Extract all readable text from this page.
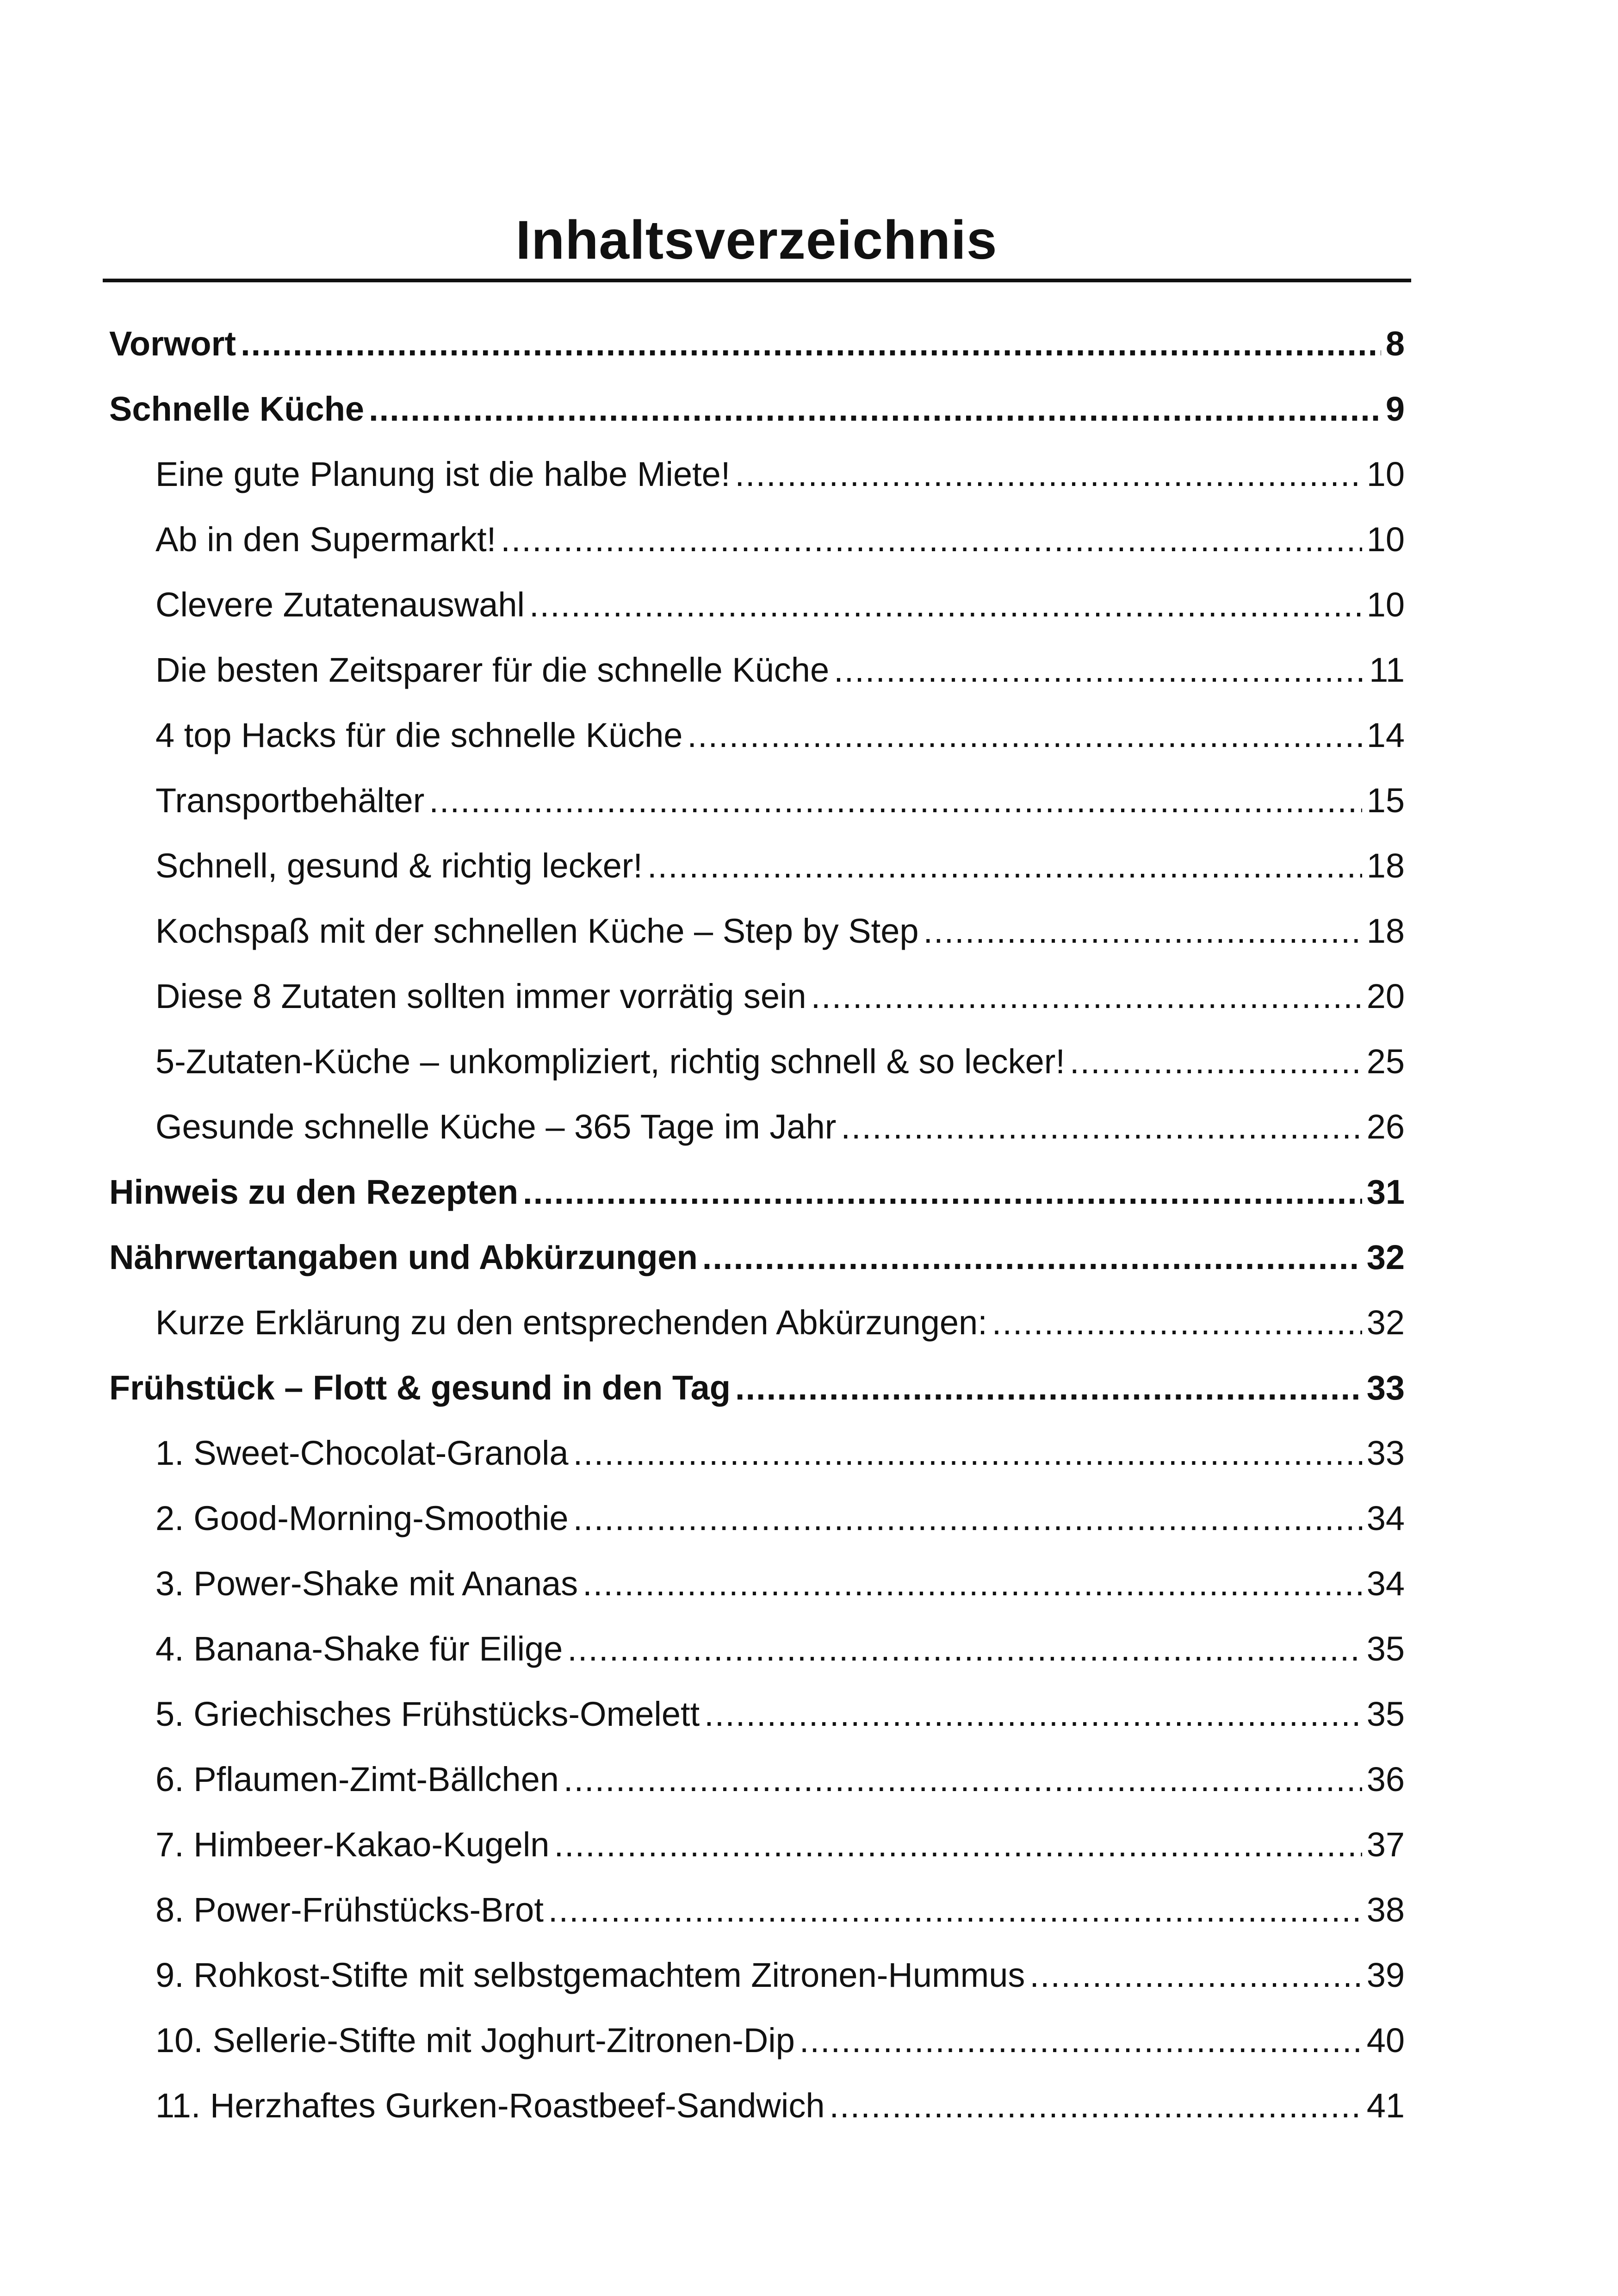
Inhaltsverzeichnis
Vorwort .....	8
Schnelle Küche .....	9
Eine gute Planung ist die halbe Miete! .....	10
Ab in den Supermarkt! .....	10
Clevere Zutatenauswahl .....	10
Die besten Zeitsparer für die schnelle Küche .....	11
4 top Hacks für die schnelle Küche .....	14
Transportbehälter .....	15
Schnell, gesund & richtig lecker! .....	18
Kochspaß mit der schnellen Küche – Step by Step .....	18
Diese 8 Zutaten sollten immer vorrätig sein .....	20
5-Zutaten-Küche – unkompliziert, richtig schnell & so lecker! .....	25
Gesunde schnelle Küche – 365 Tage im Jahr .....	26
Hinweis zu den Rezepten .....	31
Nährwertangaben und Abkürzungen .....	32
Kurze Erklärung zu den entsprechenden Abkürzungen: .....	32
Frühstück – Flott & gesund in den Tag .....	33
1. Sweet-Chocolat-Granola .....	33
2. Good-Morning-Smoothie .....	34
3. Power-Shake mit Ananas .....	34
4. Banana-Shake für Eilige .....	35
5. Griechisches Frühstücks-Omelett .....	35
6. Pflaumen-Zimt-Bällchen .....	36
7. Himbeer-Kakao-Kugeln .....	37
8. Power-Frühstücks-Brot .....	38
9. Rohkost-Stifte mit selbstgemachtem Zitronen-Hummus .....	39
10. Sellerie-Stifte mit Joghurt-Zitronen-Dip .....	40
11. Herzhaftes Gurken-Roastbeef-Sandwich .....	41
